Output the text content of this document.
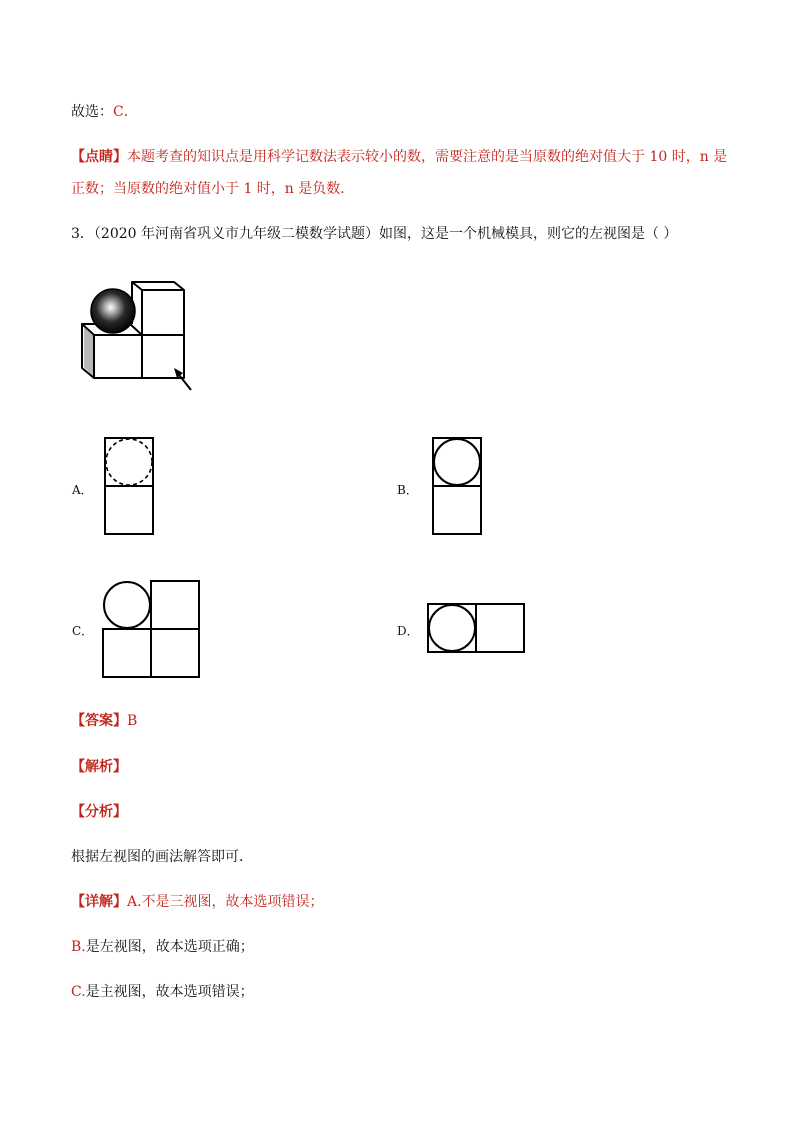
故选：C．
【点睛】本题考查的知识点是用科学记数法表示较小的数，需要注意的是当原数的绝对值大于 10 时，n 是
正数；当原数的绝对值小于 1 时，n 是负数．
3．（2020 年河南省巩义市九年级二模数学试题）如图，这是一个机械模具，则它的左视图是（ ）
A．	B．
C．	D．
【答案】B
【解析】
【分析】
根据左视图的画法解答即可．
【详解】A.不是三视图，故本选项错误；
B.是左视图，故本选项正确；
C.是主视图，故本选项错误；
